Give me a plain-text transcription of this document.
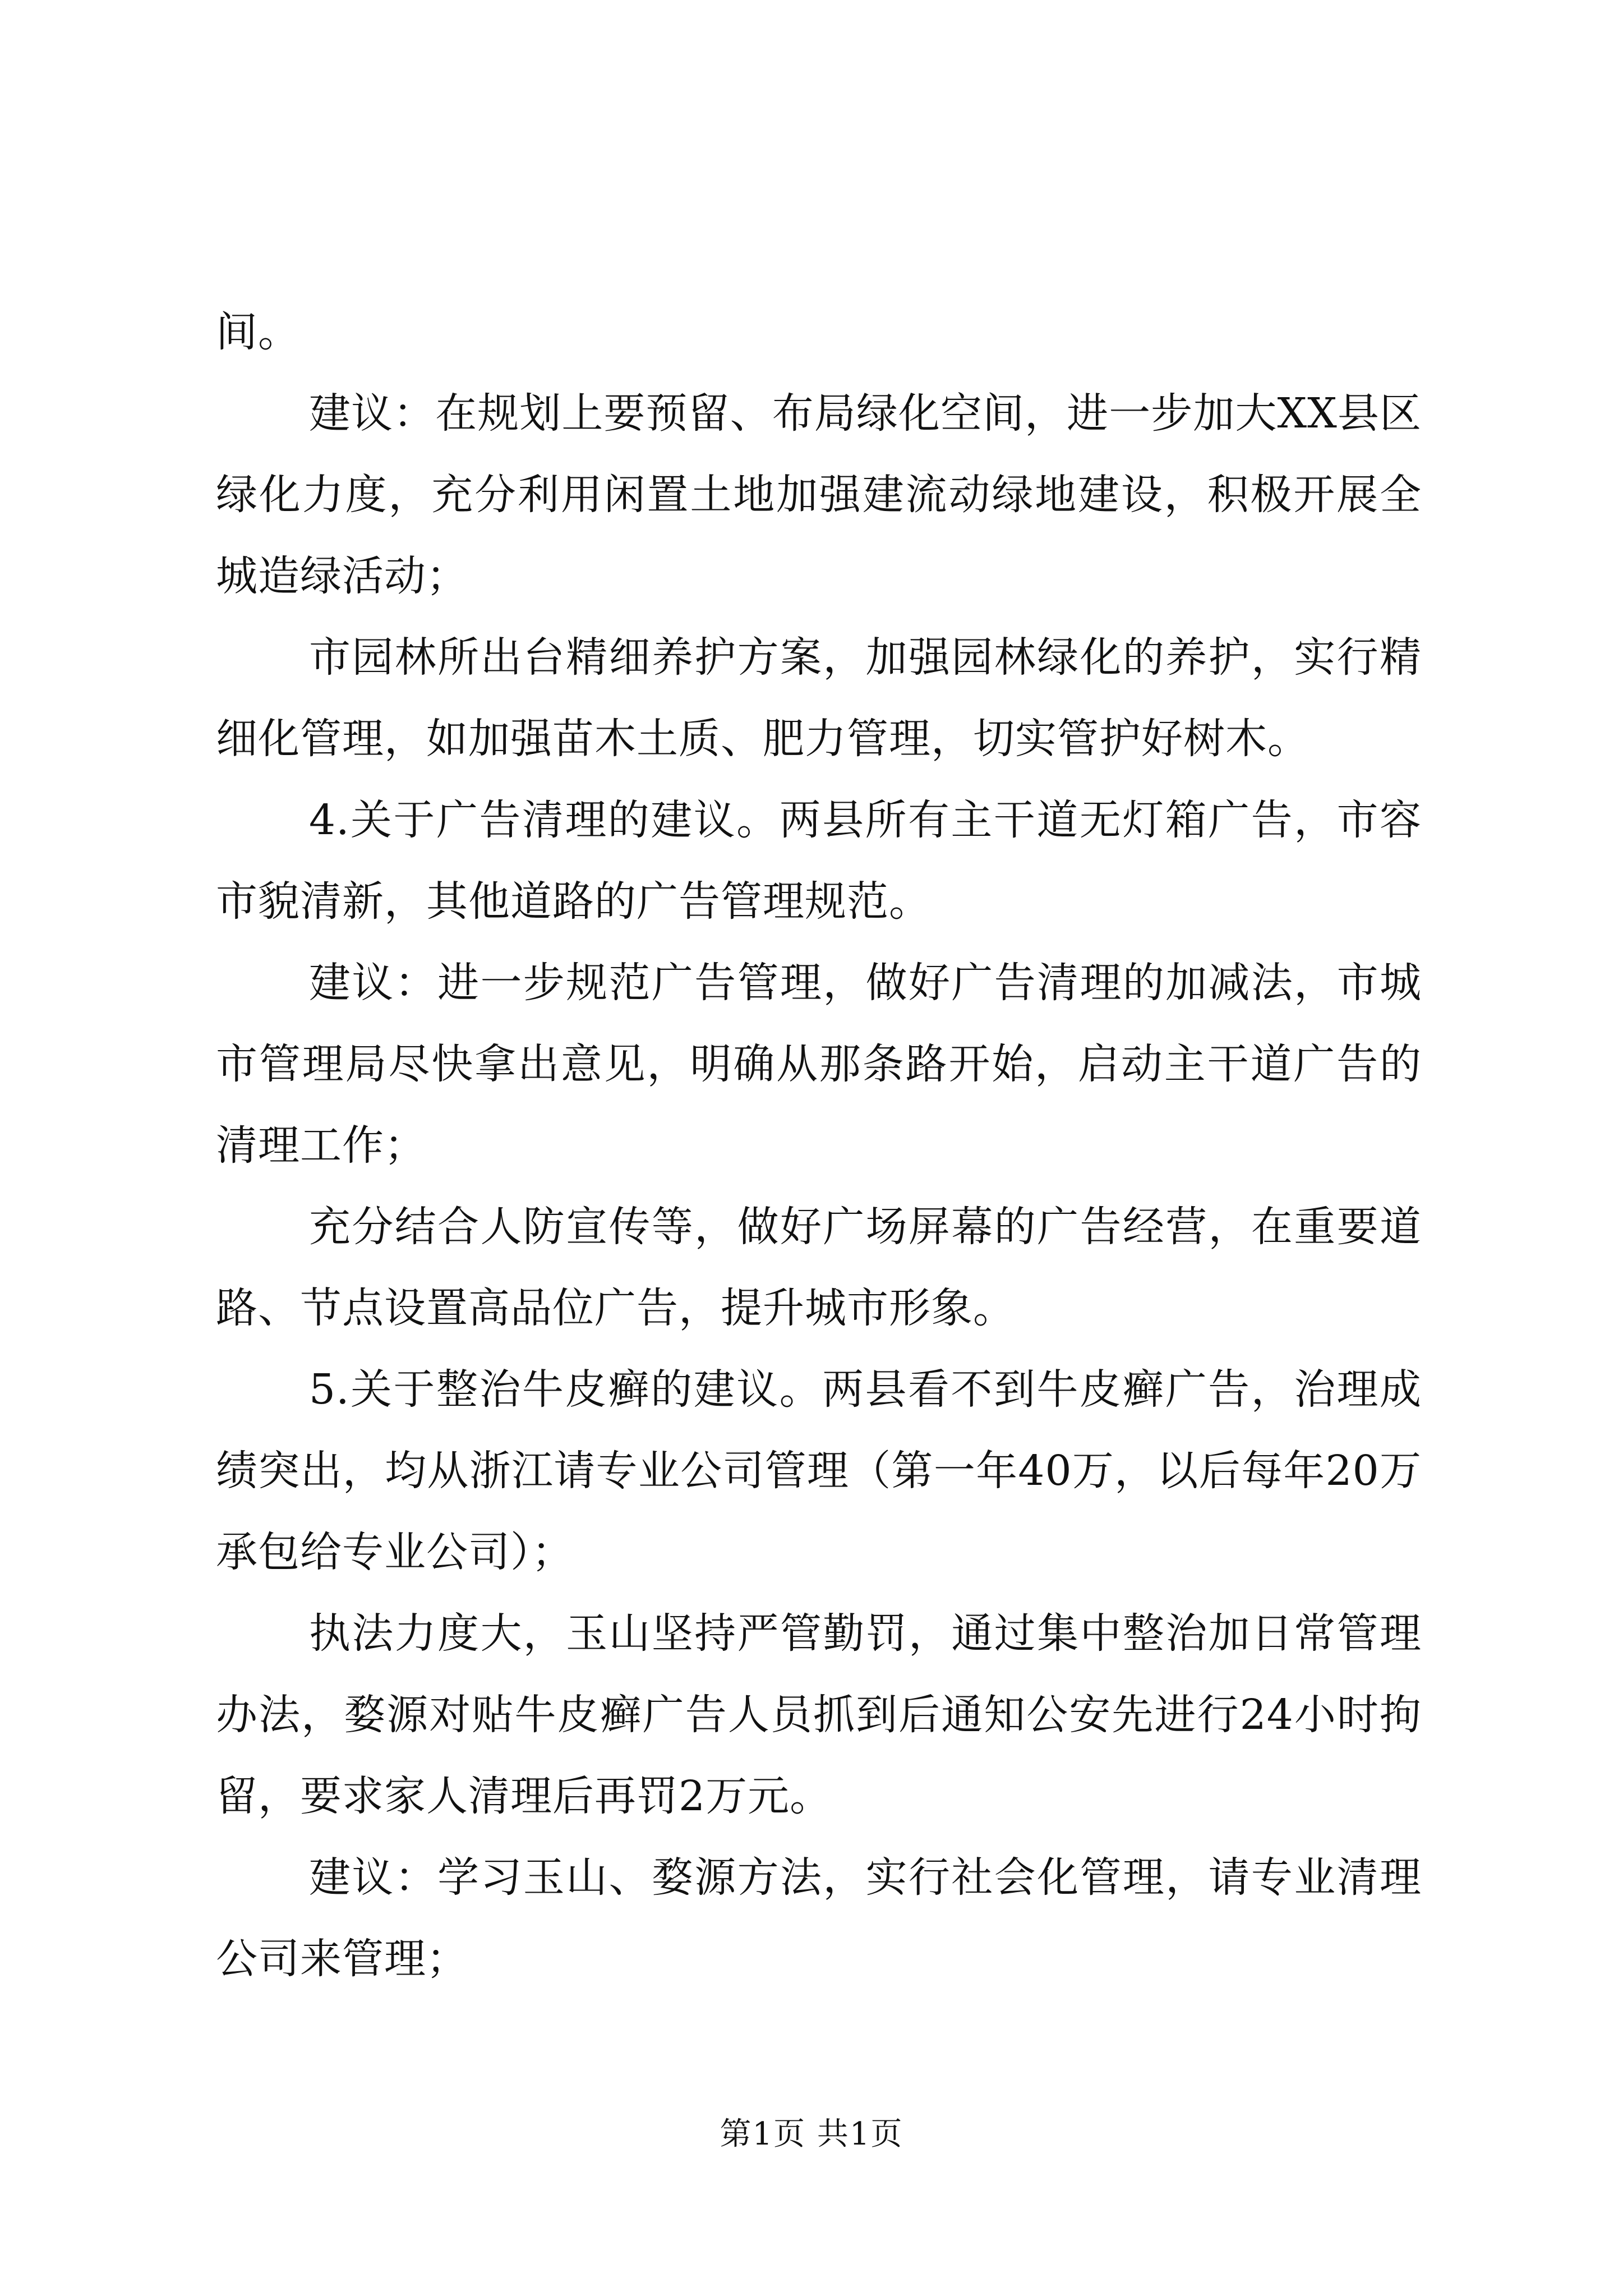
间。

建议：在规划上要预留、布局绿化空间，进一步加大XX县区绿化力度，充分利用闲置土地加强建流动绿地建设，积极开展全城造绿活动；

市园林所出台精细养护方案，加强园林绿化的养护，实行精细化管理，如加强苗木土质、肥力管理，切实管护好树木。

4.关于广告清理的建议。两县所有主干道无灯箱广告，市容市貌清新，其他道路的广告管理规范。

建议：进一步规范广告管理，做好广告清理的加减法，市城市管理局尽快拿出意见，明确从那条路开始，启动主干道广告的清理工作；

充分结合人防宣传等，做好广场屏幕的广告经营，在重要道路、节点设置高品位广告，提升城市形象。

5.关于整治牛皮癣的建议。两县看不到牛皮癣广告，治理成绩突出，均从浙江请专业公司管理（第一年40万，以后每年20万承包给专业公司）；

执法力度大，玉山坚持严管勤罚，通过集中整治加日常管理办法，婺源对贴牛皮癣广告人员抓到后通知公安先进行24小时拘留，要求家人清理后再罚2万元。

建议：学习玉山、婺源方法，实行社会化管理，请专业清理公司来管理；

第1页 共1页
